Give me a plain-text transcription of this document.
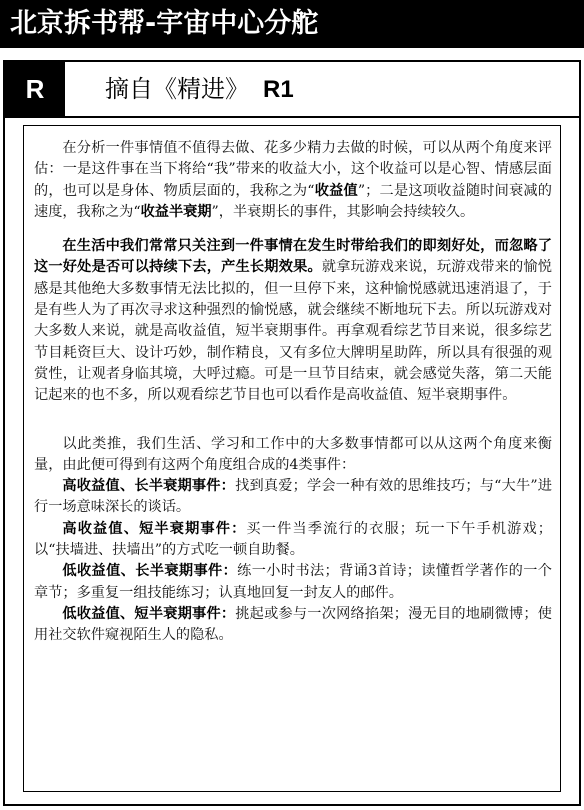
北京拆书帮-宇宙中心分舵
R	摘自《精进》 R1

在分析一件事情值不值得去做、花多少精力去做的时候，可以从两个角度来评估：一是这件事在当下将给“我”带来的收益大小，这个收益可以是心智、情感层面的，也可以是身体、物质层面的，我称之为“收益值”；二是这项收益随时间衰减的速度，我称之为“收益半衰期”，半衰期长的事件，其影响会持续较久。

在生活中我们常常只关注到一件事情在发生时带给我们的即刻好处，而忽略了这一好处是否可以持续下去，产生长期效果。就拿玩游戏来说，玩游戏带来的愉悦感是其他绝大多数事情无法比拟的，但一旦停下来，这种愉悦感就迅速消退了，于是有些人为了再次寻求这种强烈的愉悦感，就会继续不断地玩下去。所以玩游戏对大多数人来说，就是高收益值，短半衰期事件。再拿观看综艺节目来说，很多综艺节目耗资巨大、设计巧妙，制作精良，又有多位大牌明星助阵，所以具有很强的观赏性，让观者身临其境，大呼过瘾。可是一旦节目结束，就会感觉失落，第二天能记起来的也不多，所以观看综艺节目也可以看作是高收益值、短半衰期事件。

以此类推，我们生活、学习和工作中的大多数事情都可以从这两个角度来衡量，由此便可得到有这两个角度组合成的4类事件：

高收益值、长半衰期事件：找到真爱；学会一种有效的思维技巧；与“大牛”进行一场意味深长的谈话。

高收益值、短半衰期事件：买一件当季流行的衣服；玩一下午手机游戏；以“扶墙进、扶墙出”的方式吃一顿自助餐。

低收益值、长半衰期事件：练一小时书法；背诵3首诗；读懂哲学著作的一个章节；多重复一组技能练习；认真地回复一封友人的邮件。

低收益值、短半衰期事件：挑起或参与一次网络掐架；漫无目的地刷微博；使用社交软件窥视陌生人的隐私。
